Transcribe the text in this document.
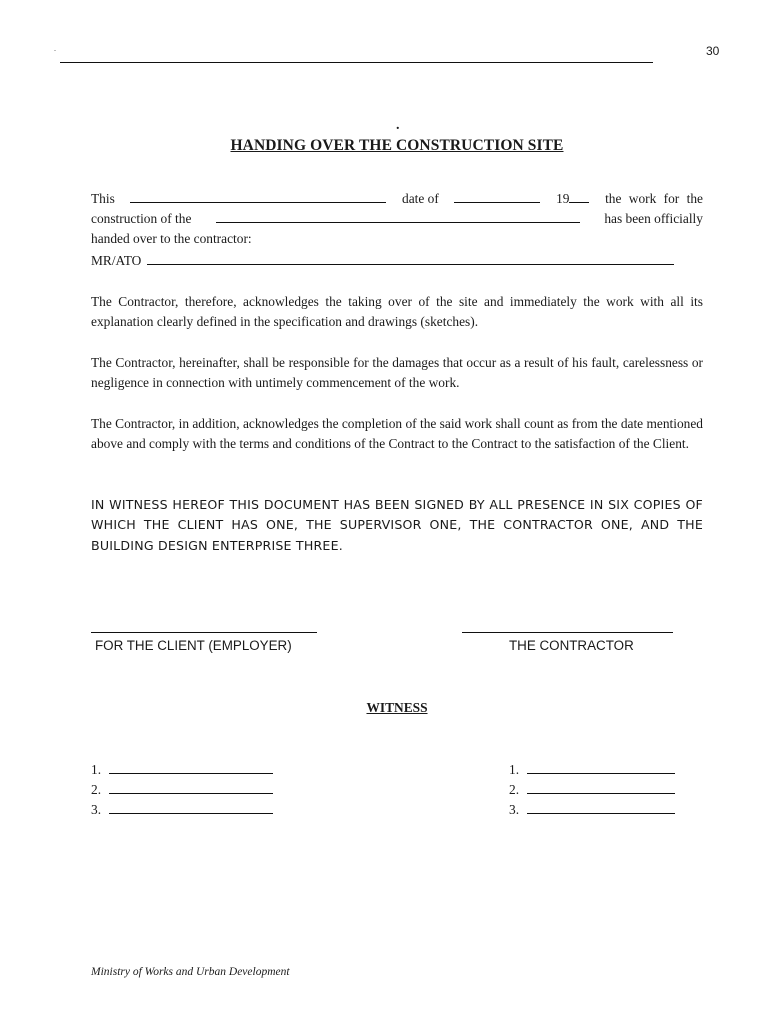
.	30
.
HANDING OVER THE CONSTRUCTION SITE
This	date of	19	the work for the
construction of the	has been officially
handed over to the contractor:
MR/ATO

The Contractor, therefore, acknowledges the taking over of the site and immediately the work with all its explanation clearly defined in the specification and drawings (sketches).

The Contractor, hereinafter, shall be responsible for the damages that occur as a result of his fault, carelessness or negligence in connection with untimely commencement of the work.

The Contractor, in addition, acknowledges the completion of the said work shall count as from the date mentioned above and comply with the terms and conditions of the Contract to the Contract to the satisfaction of the Client.

IN WITNESS HEREOF THIS DOCUMENT HAS BEEN SIGNED BY ALL PRESENCE IN SIX COPIES OF WHICH THE CLIENT HAS ONE, THE SUPERVISOR ONE, THE CONTRACTOR ONE, AND THE BUILDING DESIGN ENTERPRISE THREE.

FOR THE CLIENT (EMPLOYER)	THE CONTRACTOR
WITNESS
1.
2.
3.
1.
2.
3.
Ministry of Works and Urban Development
